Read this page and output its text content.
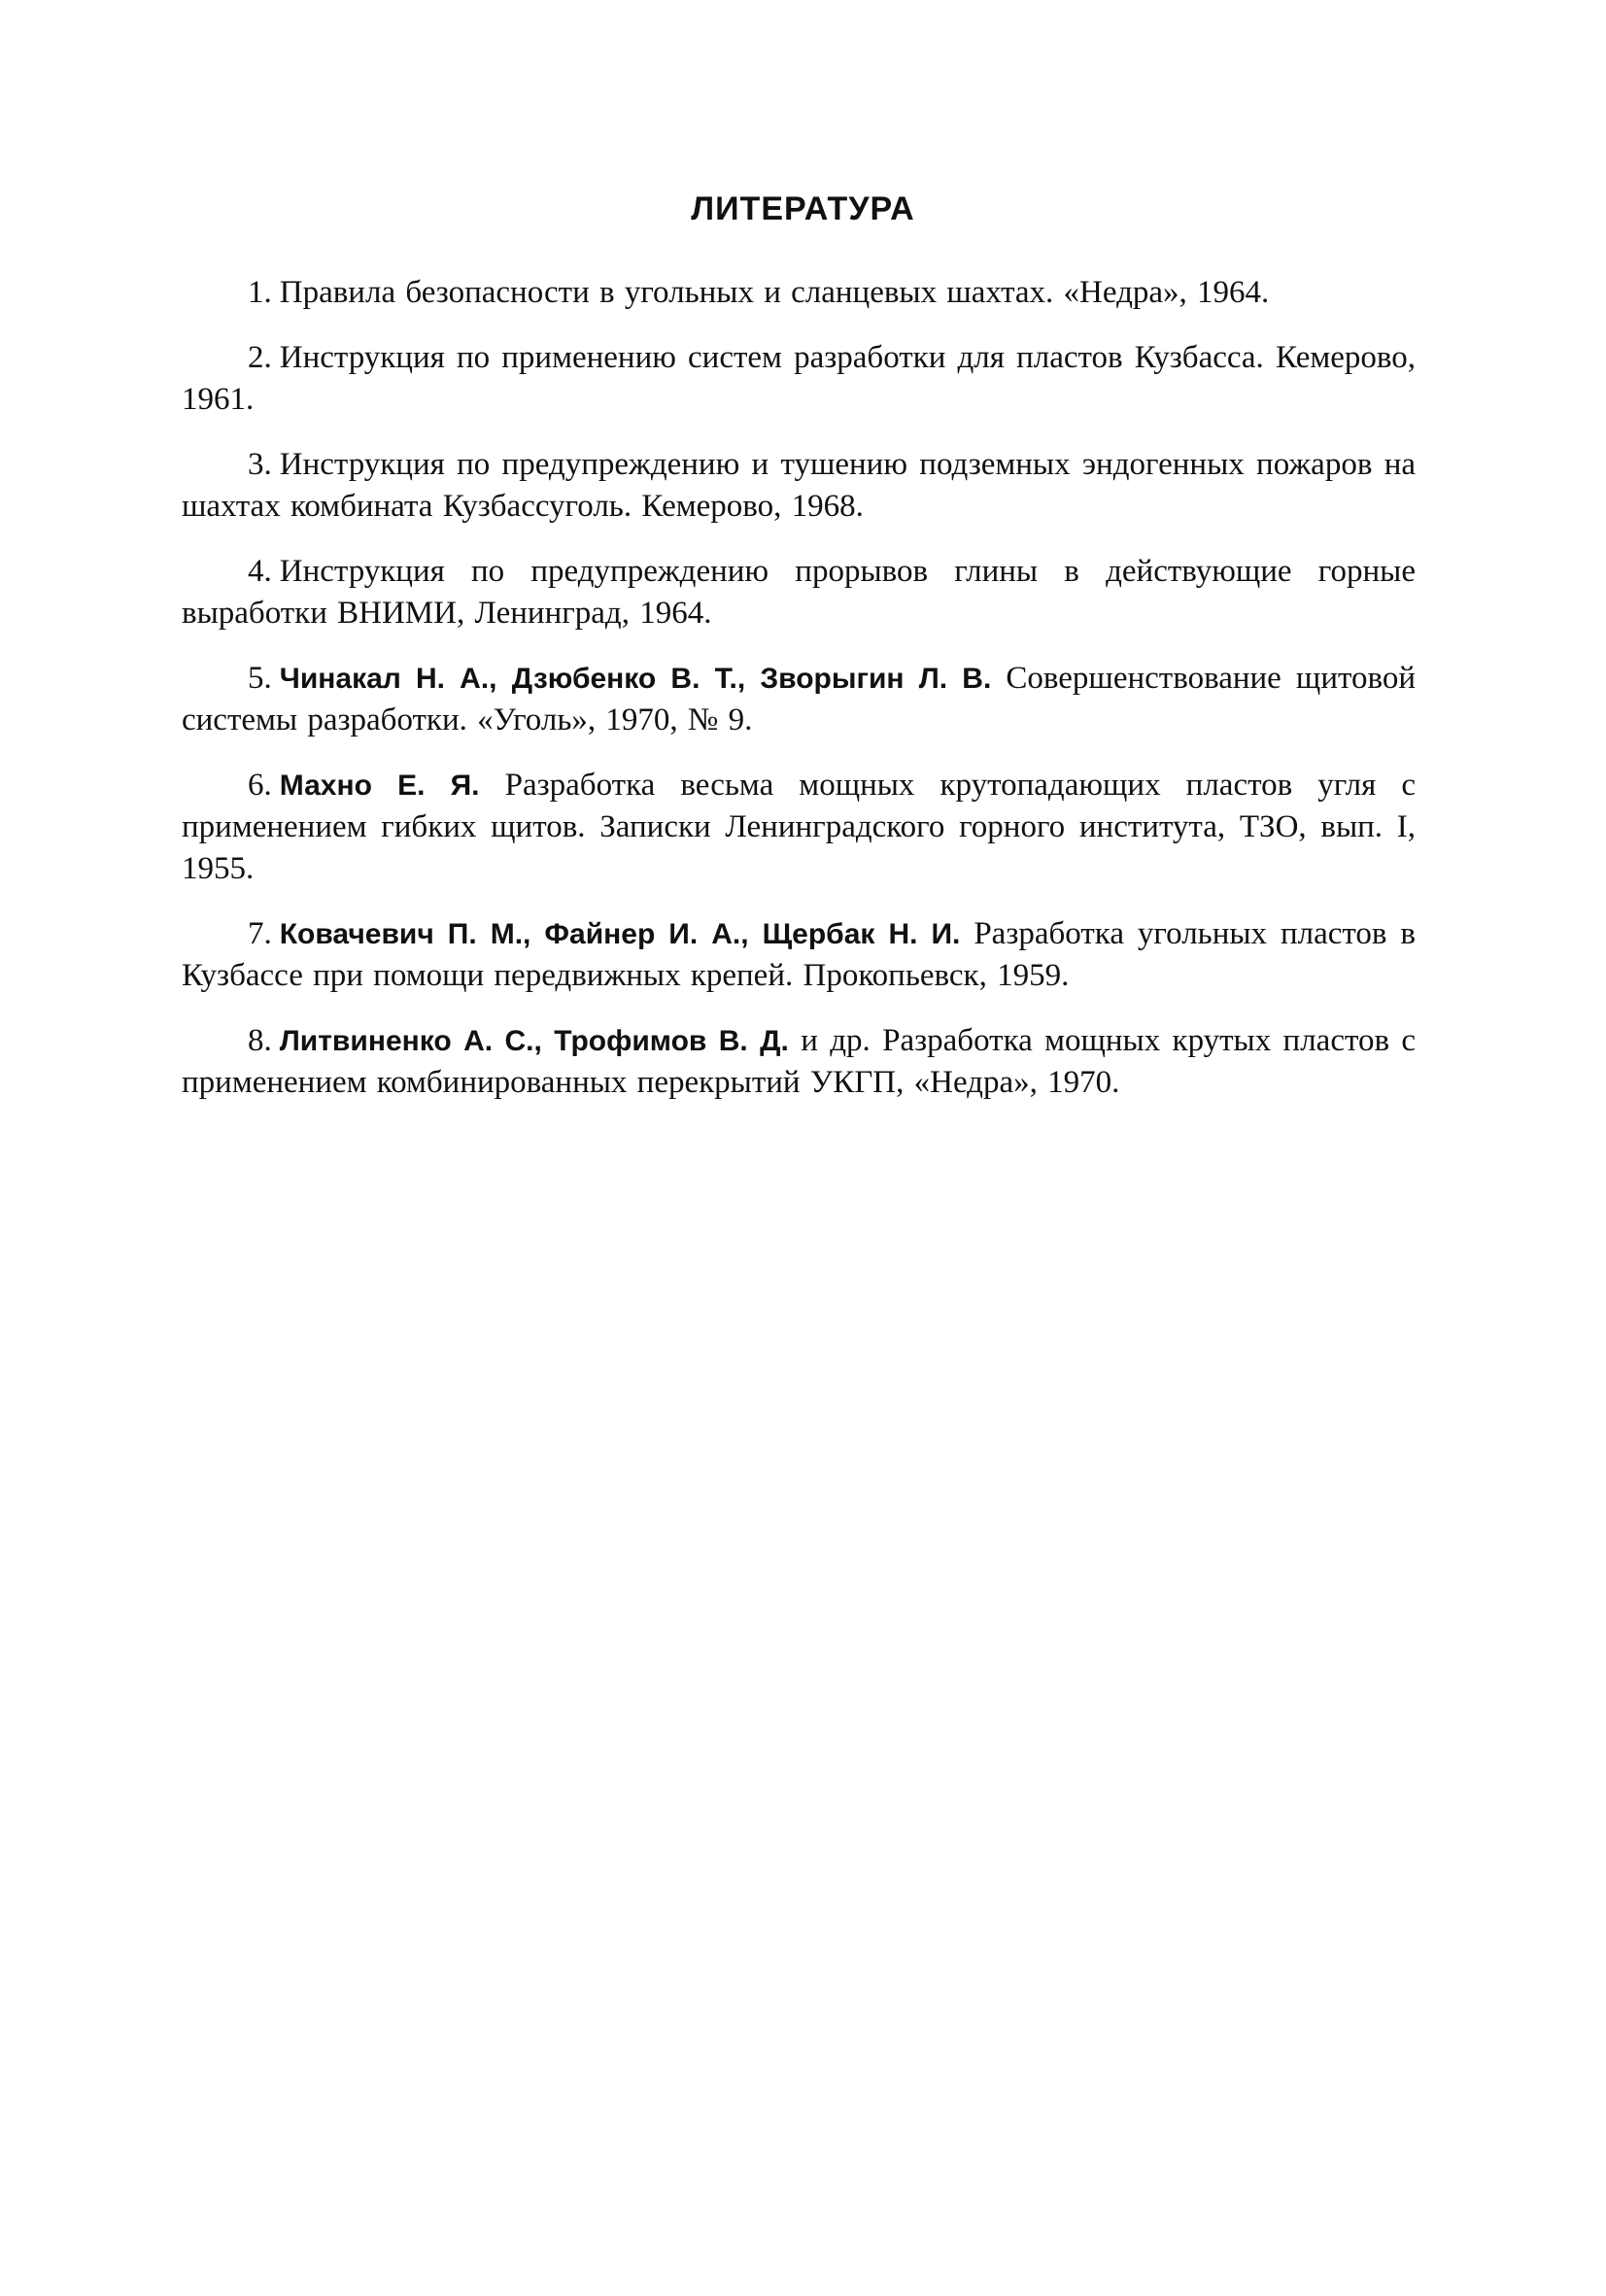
ЛИТЕРАТУРА
1. Правила безопасности в угольных и сланцевых шахтах. «Недра», 1964.
2. Инструкция по применению систем разработки для пластов Кузбасса. Кемерово, 1961.
3. Инструкция по предупреждению и тушению подземных эндогенных пожаров на шахтах комбината Кузбассуголь. Кемерово, 1968.
4. Инструкция по предупреждению прорывов глины в действующие горные выработки ВНИМИ, Ленинград, 1964.
5. Чинакал Н. А., Дзюбенко В. Т., Зворыгин Л. В. Совершенствование щитовой системы разработки. «Уголь», 1970, № 9.
6. Махно Е. Я. Разработка весьма мощных крутопадающих пластов угля с применением гибких щитов. Записки Ленинградского горного института, ТЗО, вып. I, 1955.
7. Ковачевич П. М., Файнер И. А., Щербак Н. И. Разработка угольных пластов в Кузбассе при помощи передвижных крепей. Прокопьевск, 1959.
8. Литвиненко А. С., Трофимов В. Д. и др. Разработка мощных крутых пластов с применением комбинированных перекрытий УКГП, «Недра», 1970.
